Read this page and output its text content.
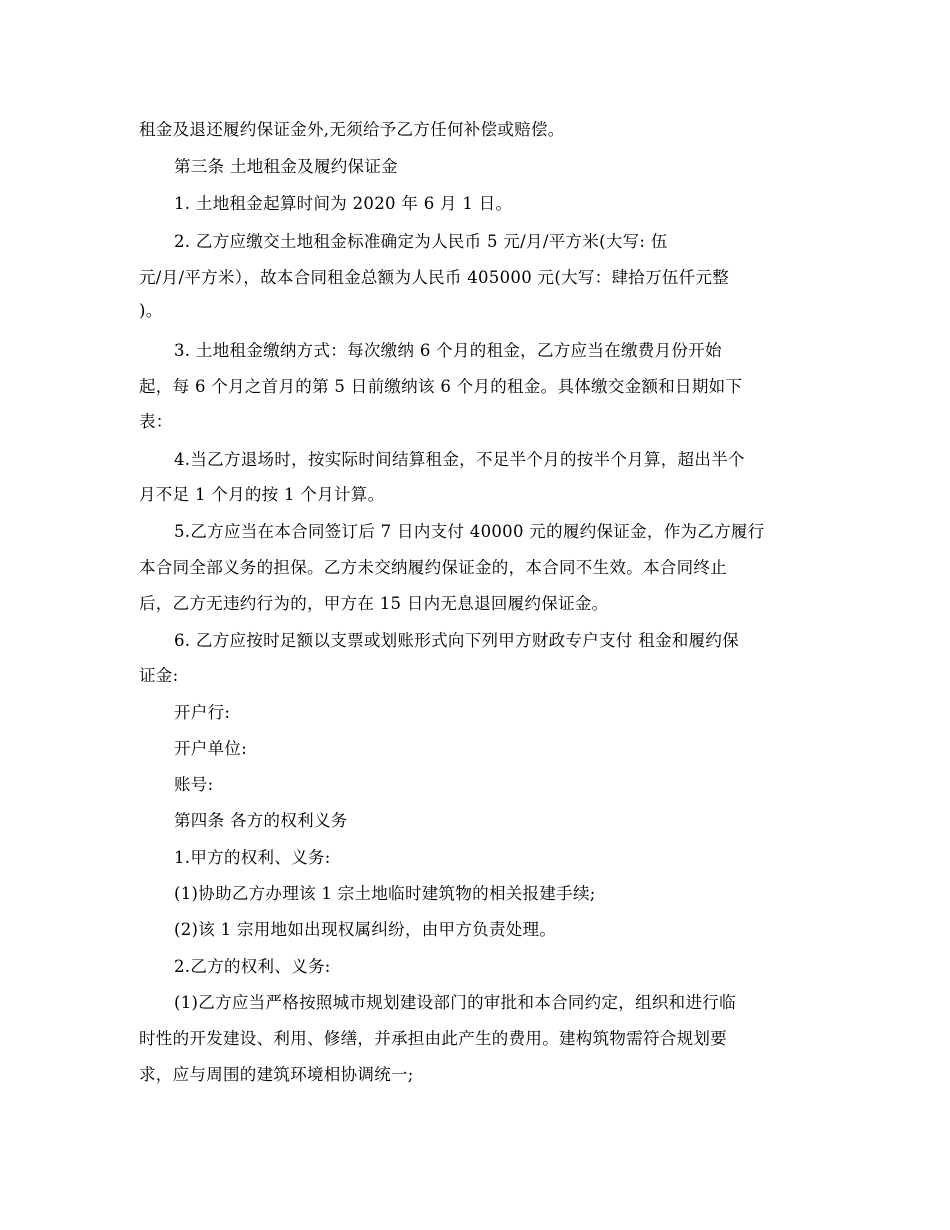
租金及退还履约保证金外,无须给予乙方任何补偿或赔偿。
第三条 土地租金及履约保证金
1. 土地租金起算时间为 2020 年 6 月 1 日。
2. 乙方应缴交土地租金标准确定为人民币 5 元/月/平方米(大写: 伍
元/月/平方米），故本合同租金总额为人民币 405000 元(大写：肆拾万伍仟元整
)。
3. 土地租金缴纳方式：每次缴纳 6 个月的租金，乙方应当在缴费月份开始
起，每 6 个月之首月的第 5 日前缴纳该 6 个月的租金。具体缴交金额和日期如下
表：
4.当乙方退场时，按实际时间结算租金，不足半个月的按半个月算，超出半个
月不足 1 个月的按 1 个月计算。
5.乙方应当在本合同签订后 7 日内支付 40000 元的履约保证金，作为乙方履行
本合同全部义务的担保。乙方未交纳履约保证金的，本合同不生效。本合同终止
后，乙方无违约行为的，甲方在 15 日内无息退回履约保证金。
6. 乙方应按时足额以支票或划账形式向下列甲方财政专户支付 租金和履约保
证金:
开户行:
开户单位:
账号:
第四条 各方的权利义务
1.甲方的权利、义务:
(1)协助乙方办理该 1 宗土地临时建筑物的相关报建手续;
(2)该 1 宗用地如出现权属纠纷，由甲方负责处理。
2.乙方的权利、义务:
(1)乙方应当严格按照城市规划建设部门的审批和本合同约定，组织和进行临
时性的开发建设、利用、修缮，并承担由此产生的费用。建构筑物需符合规划要
求，应与周围的建筑环境相协调统一;
